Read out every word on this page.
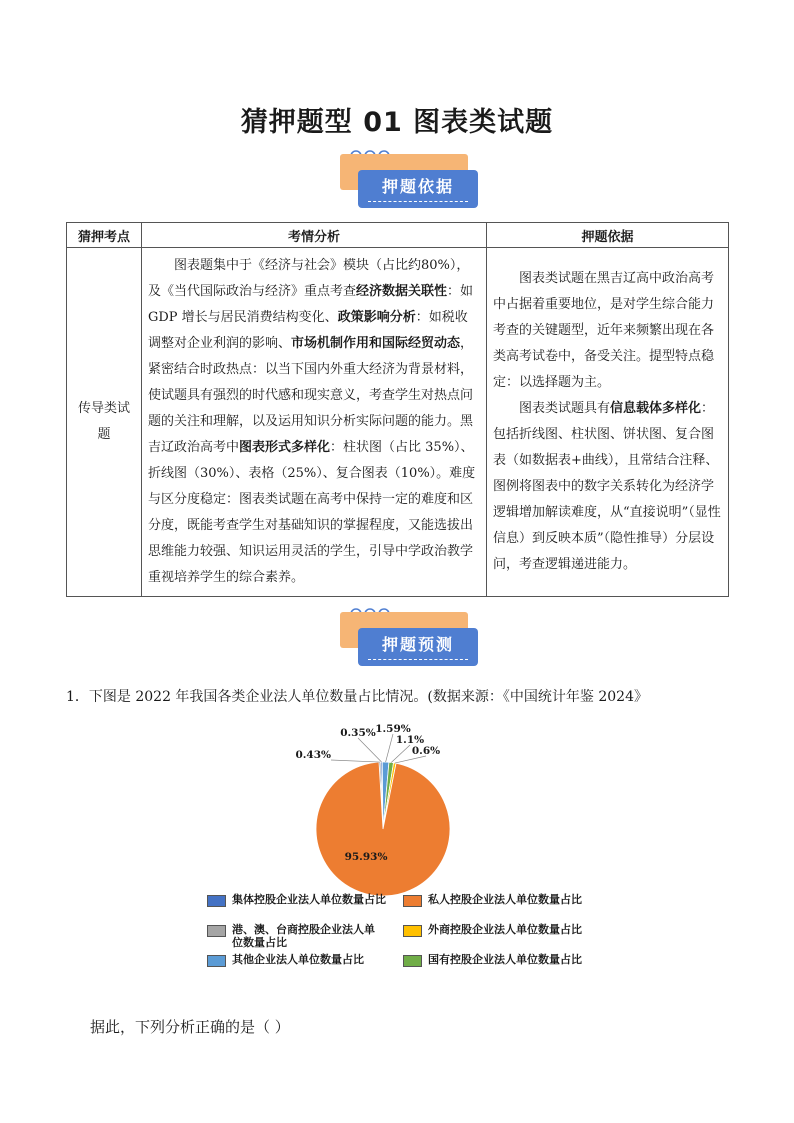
猜押题型 01 图表类试题
押题依据
猜押考点	考情分析	押题依据
传导类试题	图表题集中于《经济与社会》模块（占比约80%），及《当代国际政治与经济》重点考查经济数据关联性：如 GDP 增长与居民消费结构变化、政策影响分析：如税收调整对企业利润的影响、市场机制作用和国际经贸动态，紧密结合时政热点：以当下国内外重大经济为背景材料，使试题具有强烈的时代感和现实意义，考查学生对热点问题的关注和理解，以及运用知识分析实际问题的能力。黑吉辽政治高考中图表形式多样化：柱状图（占比 35%）、折线图（30%）、表格（25%）、复合图表（10%）。难度与区分度稳定：图表类试题在高考中保持一定的难度和区分度，既能考查学生对基础知识的掌握程度，又能选拔出思维能力较强、知识运用灵活的学生，引导中学政治教学重视培养学生的综合素养。	图表类试题在黑吉辽高中政治高考中占据着重要地位，是对学生综合能力考查的关键题型，近年来频繁出现在各类高考试卷中，备受关注。提型特点稳定：以选择题为主。
图表类试题具有信息载体多样化：包括折线图、柱状图、饼状图、复合图表（如数据表+曲线），且常结合注释、图例将图表中的数字关系转化为经济学逻辑增加解读难度，从“直接说明”（显性信息）到反映本质”（隐性推导）分层设问，考查逻辑递进能力。
押题预测
1．下图是 2022 年我国各类企业法人单位数量占比情况。(数据来源：《中国统计年鉴 2024》
0.43%
0.35% 1.59%
1.1%
0.6%
95.93%
集体控股企业法人单位数量占比	私人控股企业法人单位数量占比
港、澳、台商控股企业法人单位数量占比
外商控股企业法人单位数量占比
其他企业法人单位数量占比	国有控股企业法人单位数量占比
据此，下列分析正确的是（ ）
